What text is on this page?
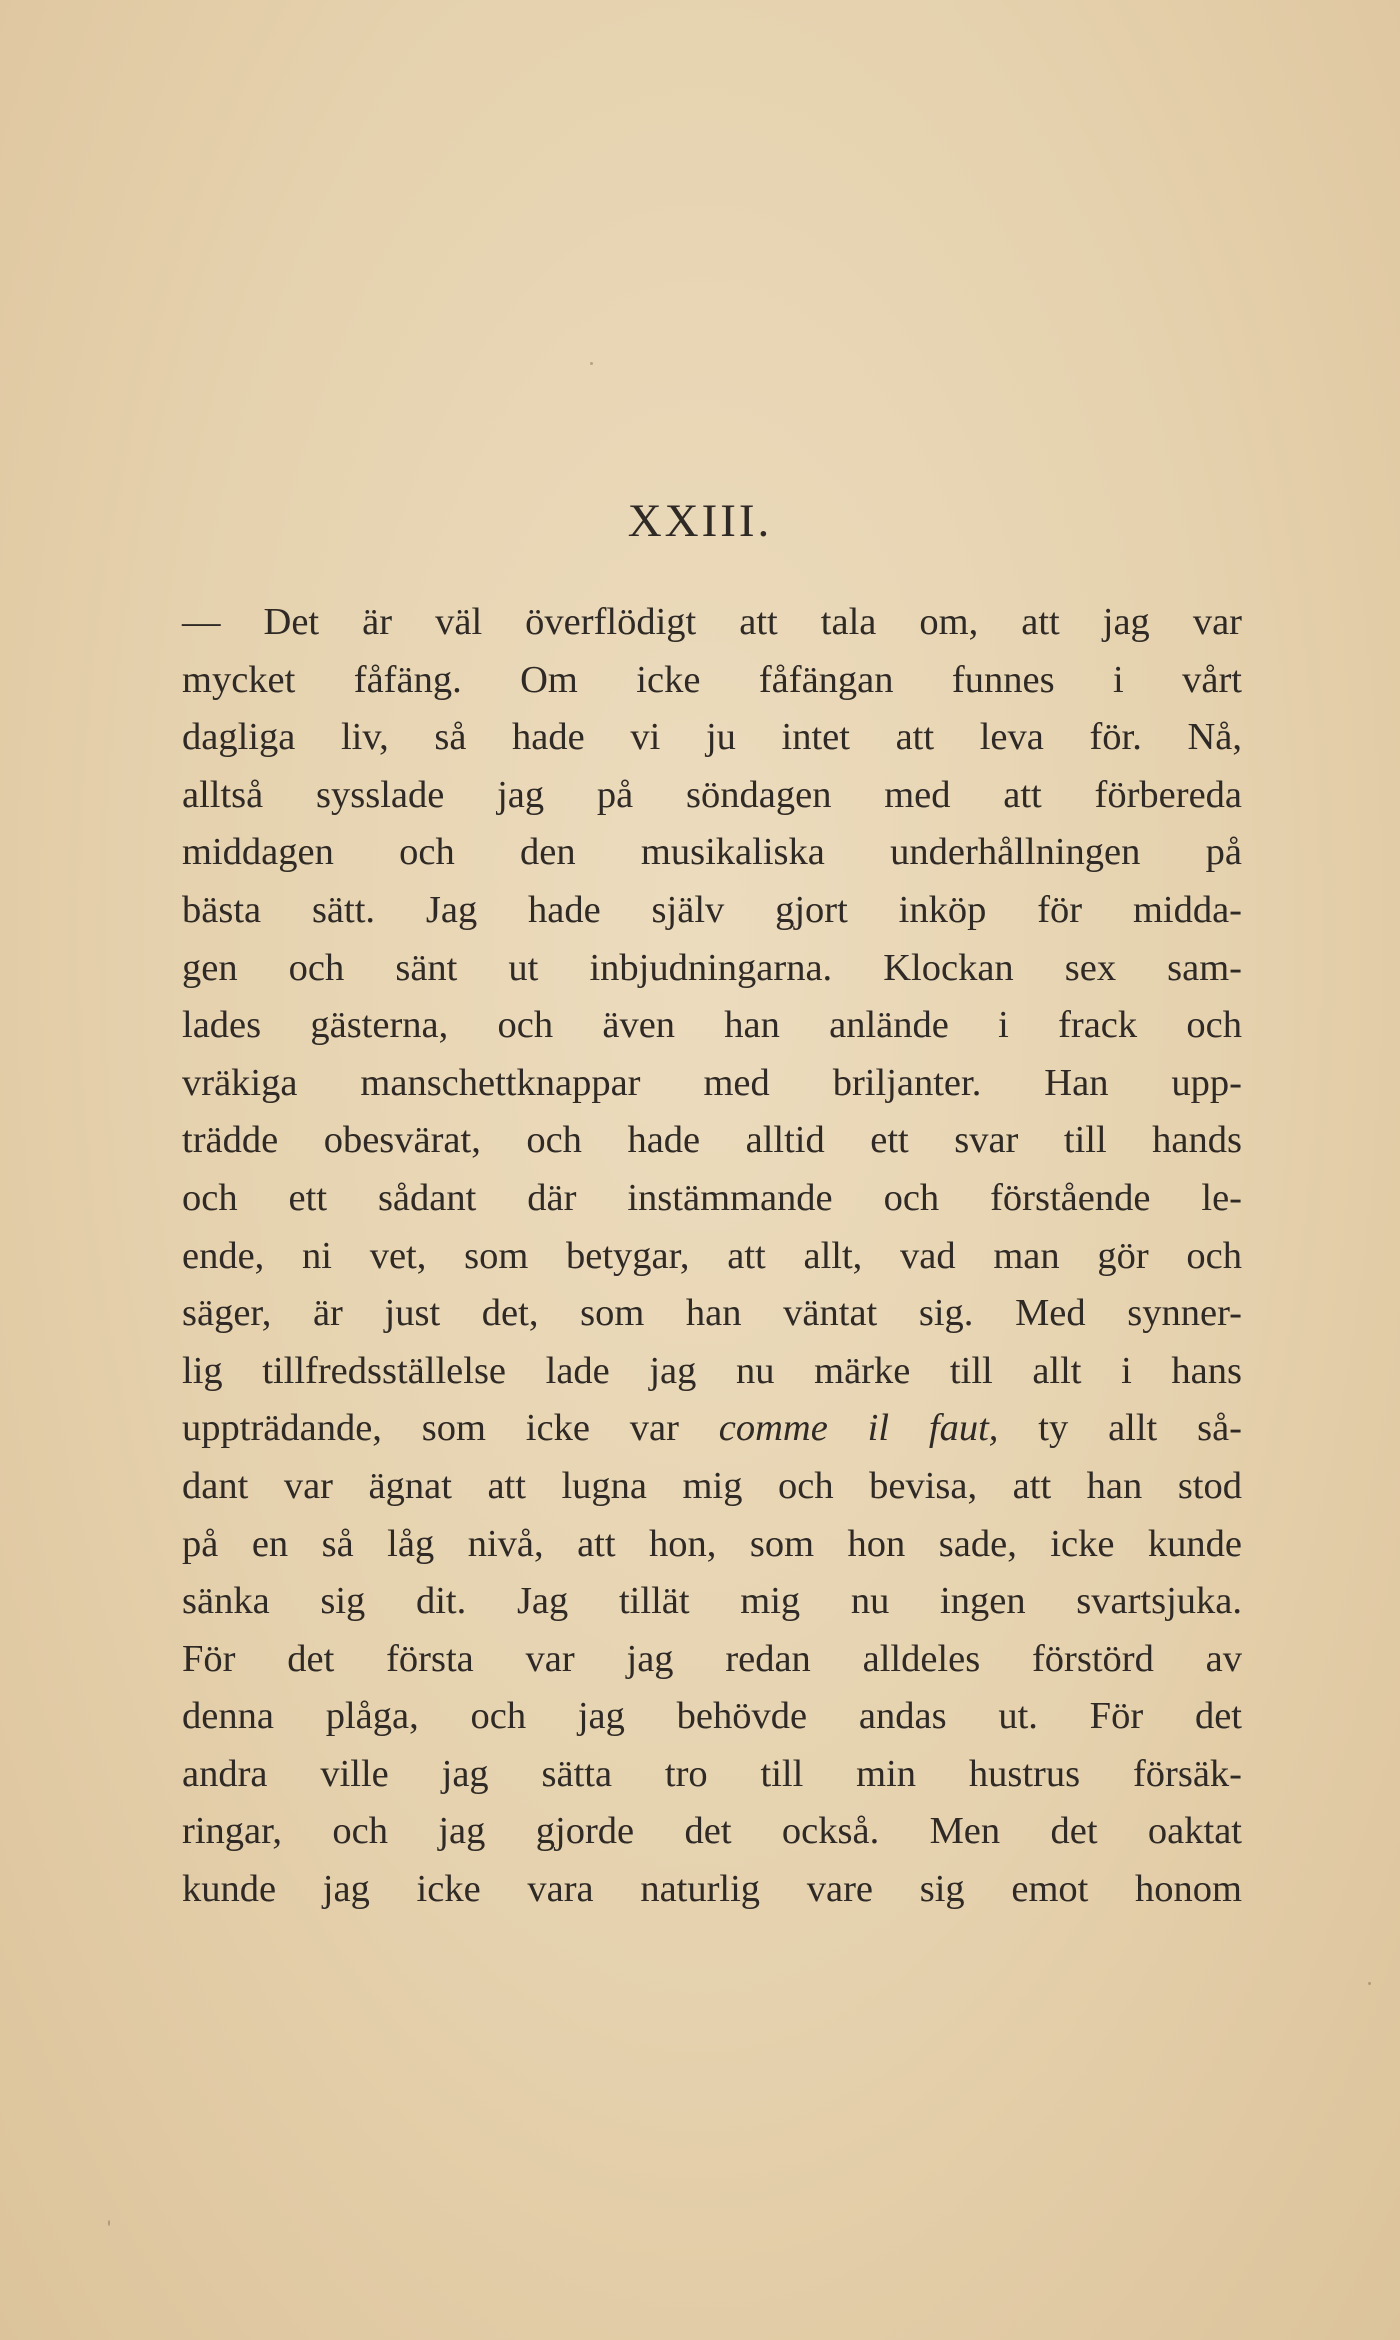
XXIII.
— Det är väl överflödigt att tala om, att jag var
mycket fåfäng. Om icke fåfängan funnes i vårt
dagliga liv, så hade vi ju intet att leva för. Nå,
alltså sysslade jag på söndagen med att förbereda
middagen och den musikaliska underhållningen på
bästa sätt. Jag hade själv gjort inköp för midda-
gen och sänt ut inbjudningarna. Klockan sex sam-
lades gästerna, och även han anlände i frack och
vräkiga manschettknappar med briljanter. Han upp-
trädde obesvärat, och hade alltid ett svar till hands
och ett sådant där instämmande och förstående le-
ende, ni vet, som betygar, att allt, vad man gör och
säger, är just det, som han väntat sig. Med synner-
lig tillfredsställelse lade jag nu märke till allt i hans
uppträdande, som icke var comme il faut, ty allt så-
dant var ägnat att lugna mig och bevisa, att han stod
på en så låg nivå, att hon, som hon sade, icke kunde
sänka sig dit. Jag tillät mig nu ingen svartsjuka.
För det första var jag redan alldeles förstörd av
denna plåga, och jag behövde andas ut. För det
andra ville jag sätta tro till min hustrus försäk-
ringar, och jag gjorde det också. Men det oaktat
kunde jag icke vara naturlig vare sig emot honom
